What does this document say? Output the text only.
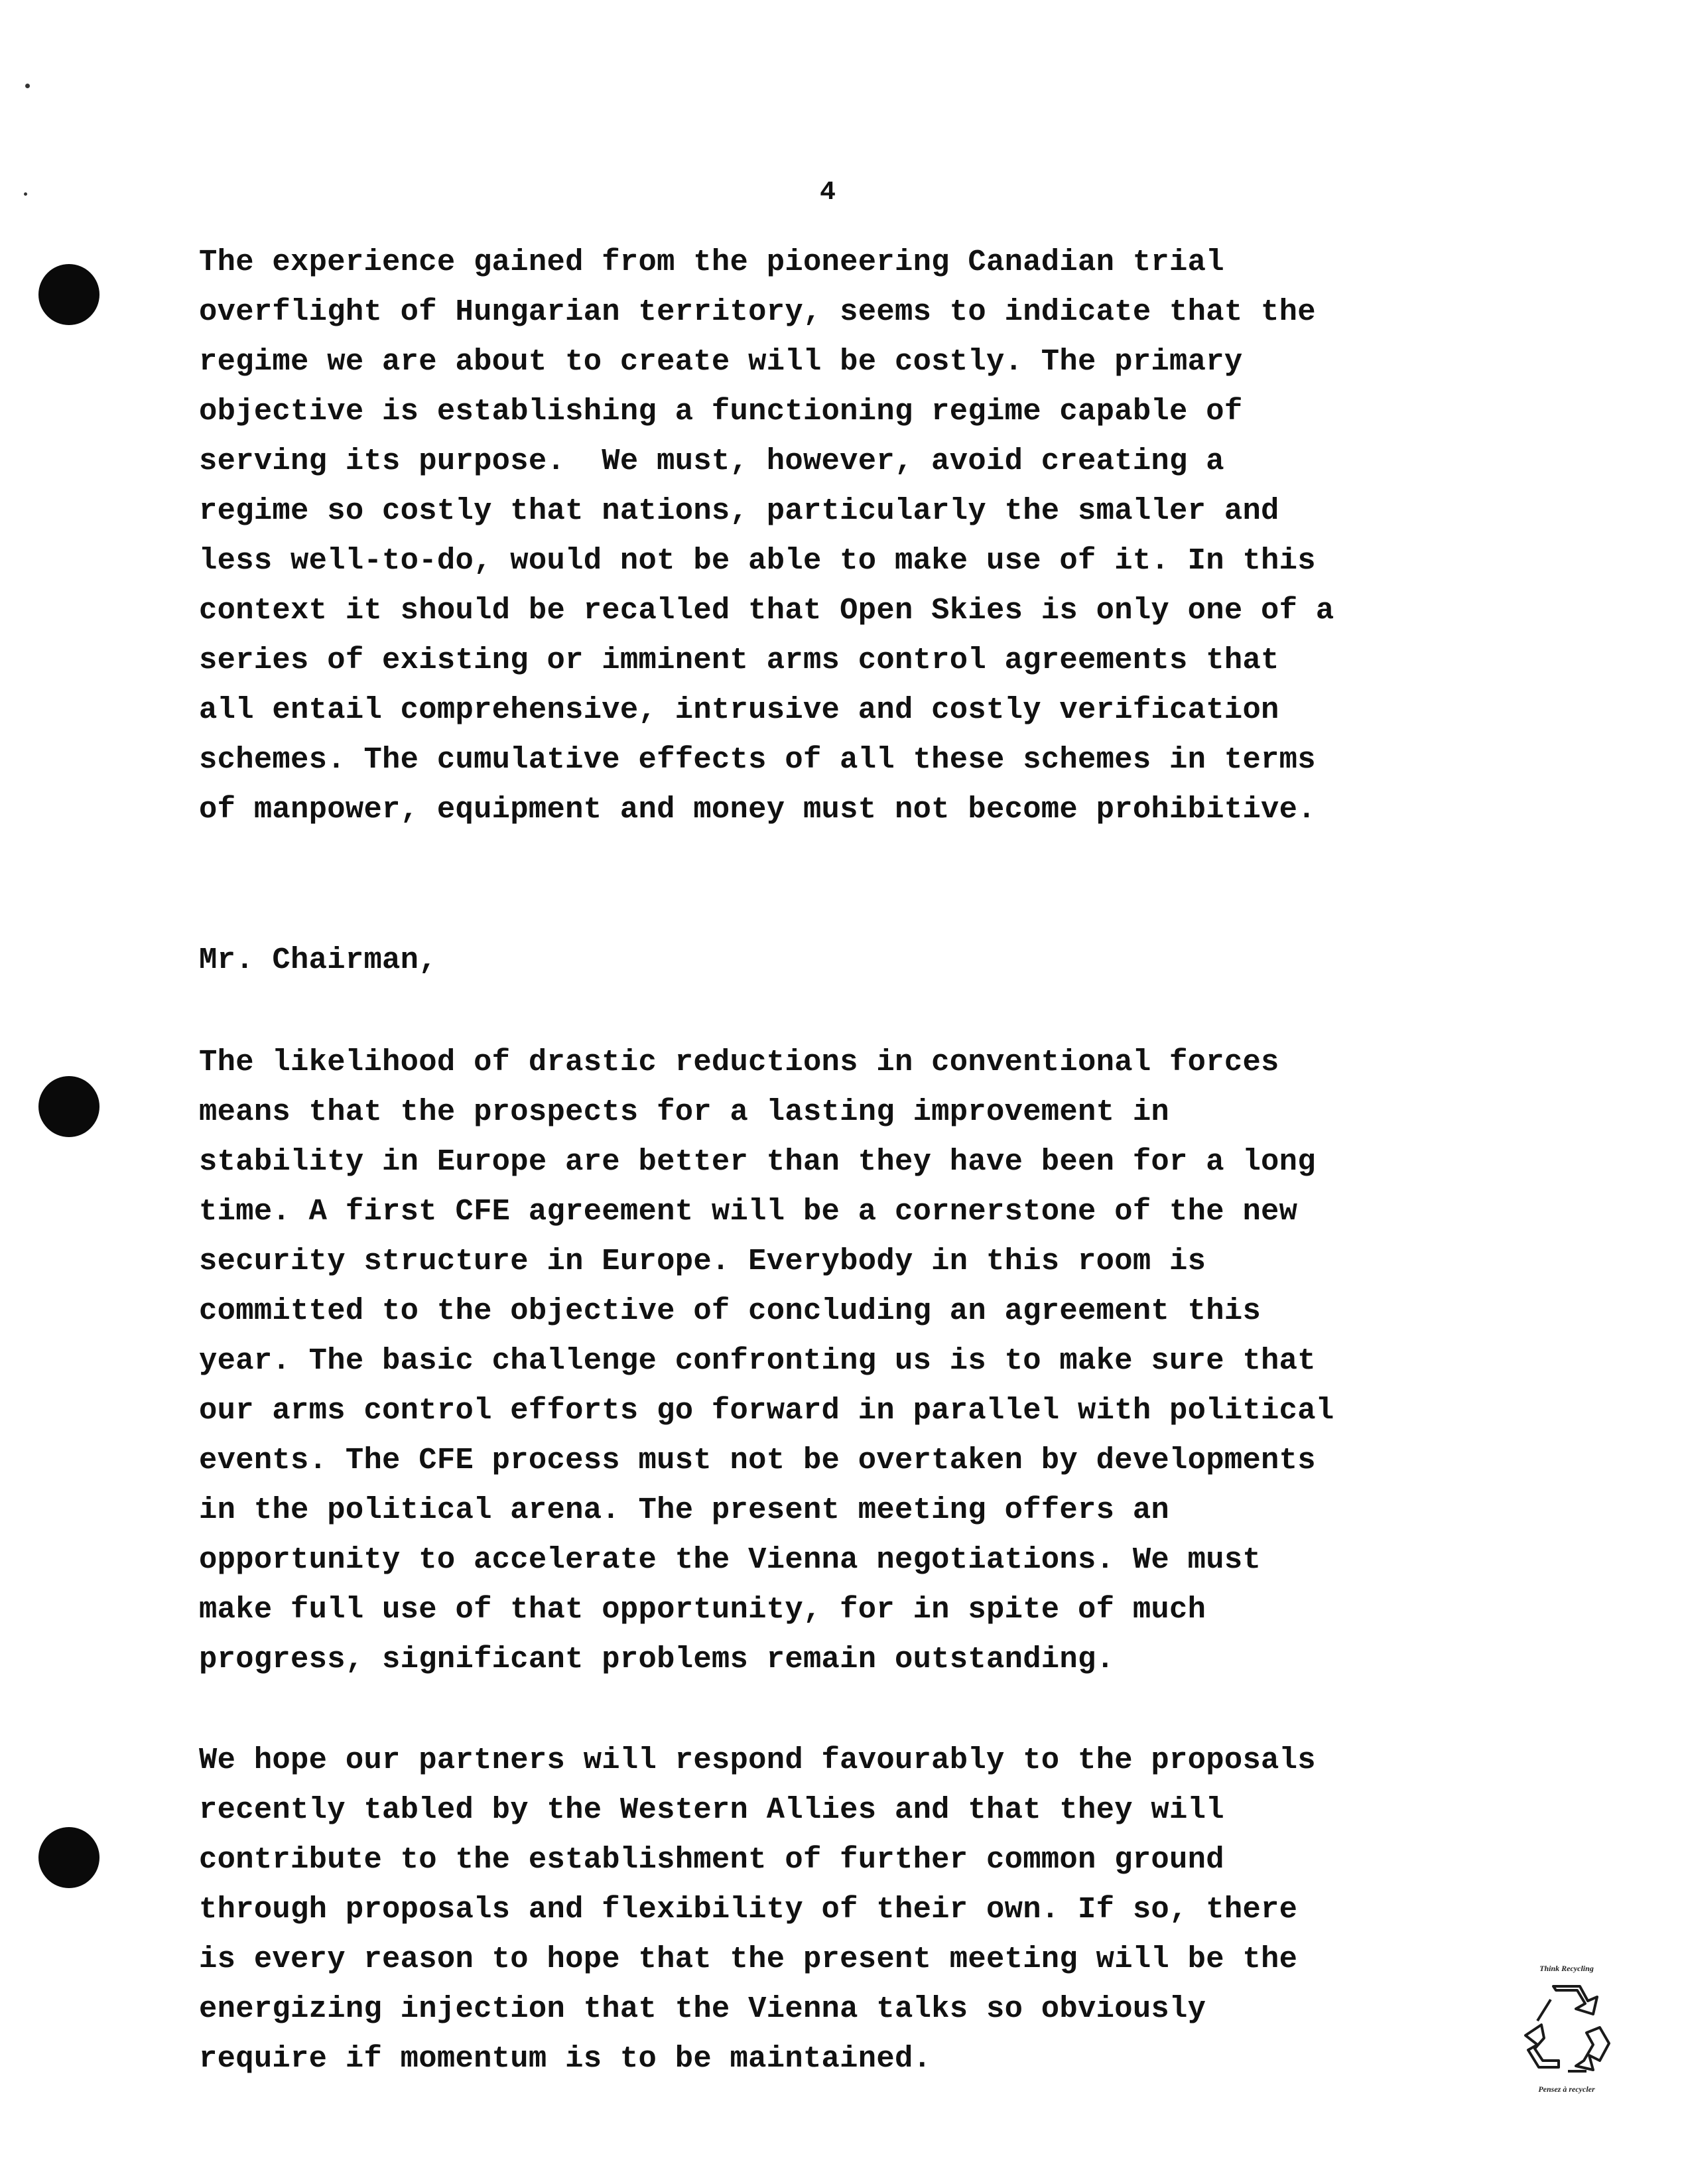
4

The experience gained from the pioneering Canadian trial
overflight of Hungarian territory, seems to indicate that the
regime we are about to create will be costly. The primary
objective is establishing a functioning regime capable of
serving its purpose.  We must, however, avoid creating a
regime so costly that nations, particularly the smaller and
less well-to-do, would not be able to make use of it. In this
context it should be recalled that Open Skies is only one of a
series of existing or imminent arms control agreements that
all entail comprehensive, intrusive and costly verification
schemes. The cumulative effects of all these schemes in terms
of manpower, equipment and money must not become prohibitive.

Mr. Chairman,

The likelihood of drastic reductions in conventional forces
means that the prospects for a lasting improvement in
stability in Europe are better than they have been for a long
time. A first CFE agreement will be a cornerstone of the new
security structure in Europe. Everybody in this room is
committed to the objective of concluding an agreement this
year. The basic challenge confronting us is to make sure that
our arms control efforts go forward in parallel with political
events. The CFE process must not be overtaken by developments
in the political arena. The present meeting offers an
opportunity to accelerate the Vienna negotiations. We must
make full use of that opportunity, for in spite of much
progress, significant problems remain outstanding.

We hope our partners will respond favourably to the proposals
recently tabled by the Western Allies and that they will
contribute to the establishment of further common ground
through proposals and flexibility of their own. If so, there
is every reason to hope that the present meeting will be the
energizing injection that the Vienna talks so obviously
require if momentum is to be maintained.

Think Recycling
Pensez à recycler
